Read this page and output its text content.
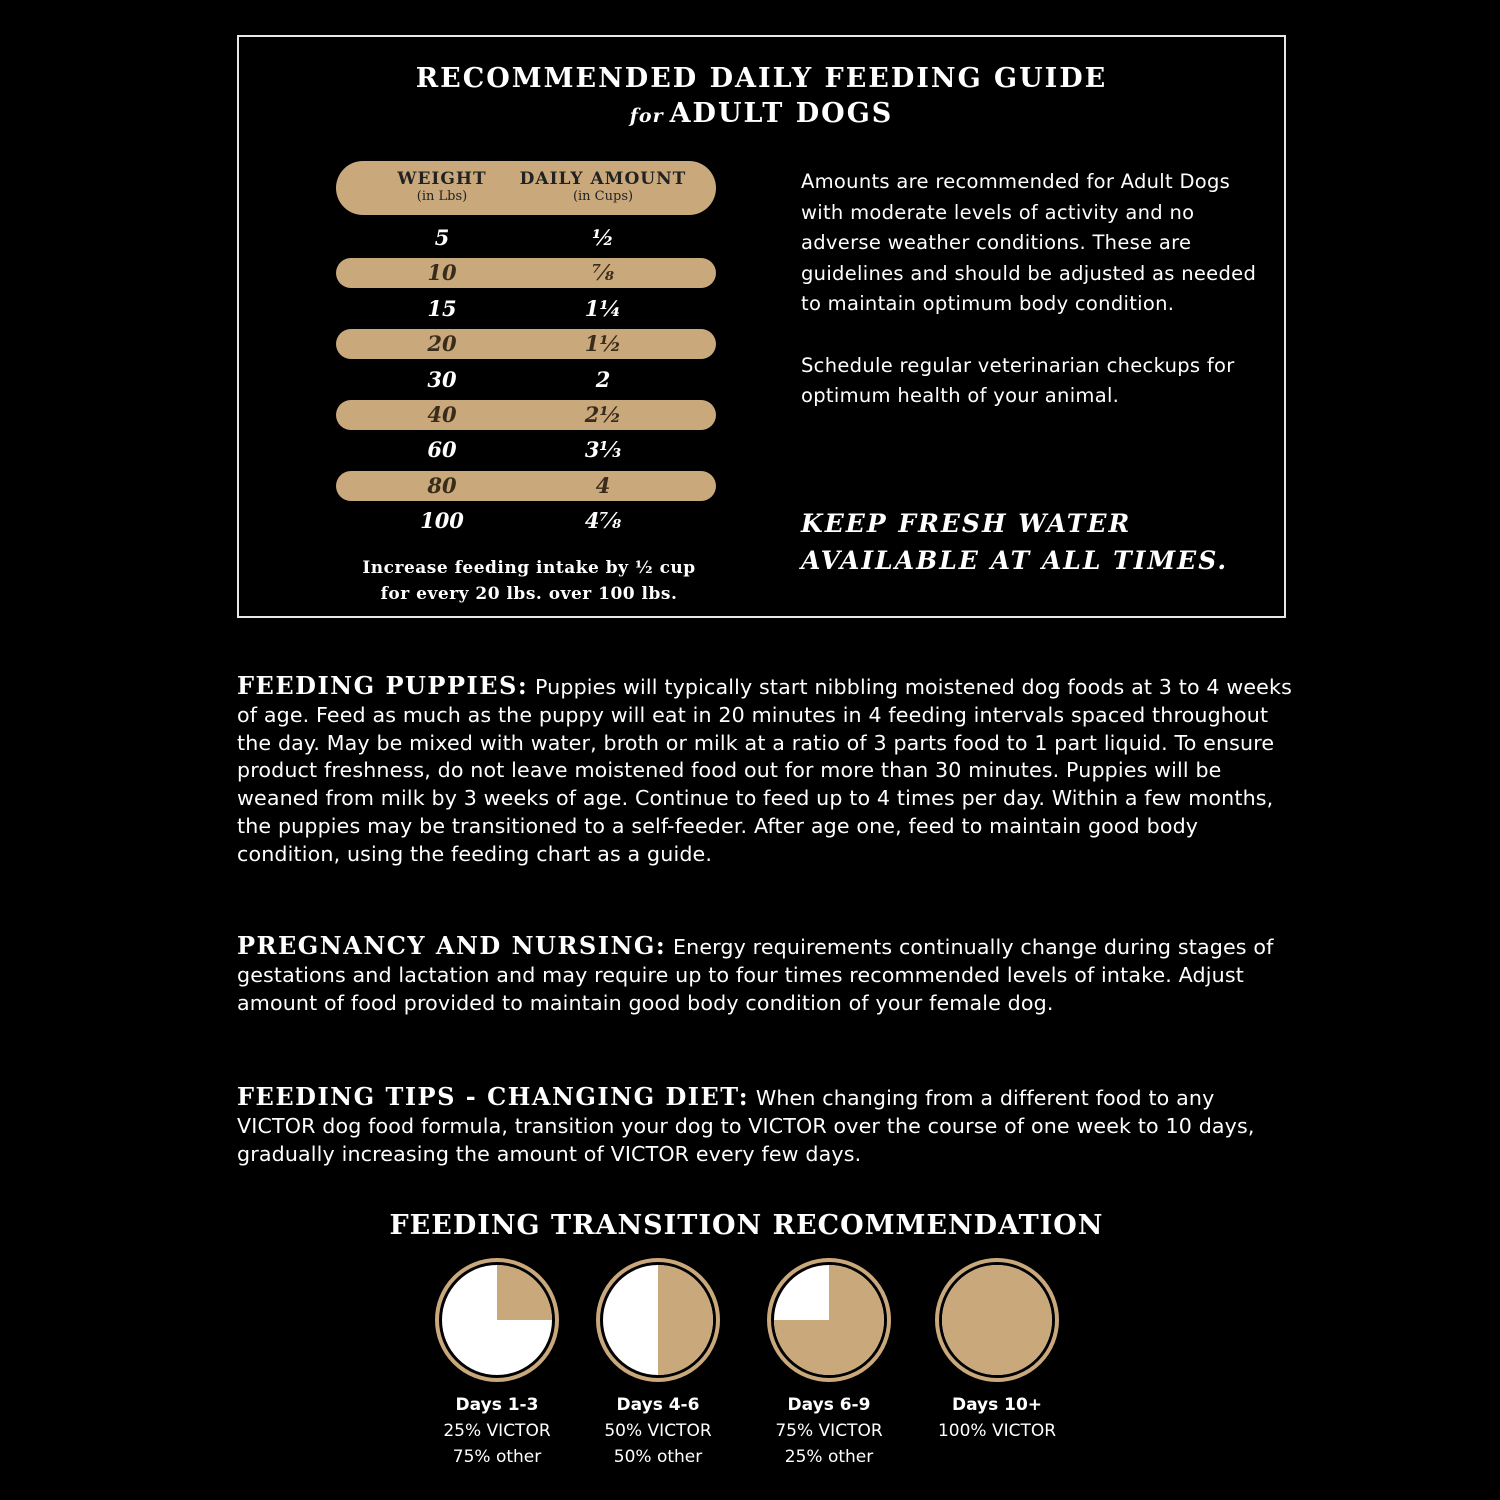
RECOMMENDED DAILY FEEDING GUIDE
for ADULT DOGS
WEIGHT
(in Lbs)
DAILY AMOUNT
(in Cups)
5	½
10	⅞
15	1¼
20	1½
30	2
40	2½
60	3⅓
80	4
100	4⅞
Increase feeding intake by ½ cup
for every 20 lbs. over 100 lbs.

Amounts are recommended for Adult Dogs with moderate levels of activity and no adverse weather conditions. These are guidelines and should be adjusted as needed to maintain optimum body condition.

Schedule regular veterinarian checkups for optimum health of your animal.

KEEP FRESH WATER
AVAILABLE AT ALL TIMES.
FEEDING PUPPIES: Puppies will typically start nibbling moistened dog foods at 3 to 4 weeks of age. Feed as much as the puppy will eat in 20 minutes in 4 feeding intervals spaced throughout the day. May be mixed with water, broth or milk at a ratio of 3 parts food to 1 part liquid. To ensure product freshness, do not leave moistened food out for more than 30 minutes. Puppies will be weaned from milk by 3 weeks of age. Continue to feed up to 4 times per day. Within a few months, the puppies may be transitioned to a self-feeder. After age one, feed to maintain good body condition, using the feeding chart as a guide.
PREGNANCY AND NURSING: Energy requirements continually change during stages of gestations and lactation and may require up to four times recommended levels of intake. Adjust amount of food provided to maintain good body condition of your female dog.
FEEDING TIPS - CHANGING DIET: When changing from a different food to any VICTOR dog food formula, transition your dog to VICTOR over the course of one week to 10 days, gradually increasing the amount of VICTOR every few days.
FEEDING TRANSITION RECOMMENDATION
Days 1-3
25% VICTOR
75% other
Days 4-6
50% VICTOR
50% other
Days 6-9
75% VICTOR
25% other
Days 10+
100% VICTOR
